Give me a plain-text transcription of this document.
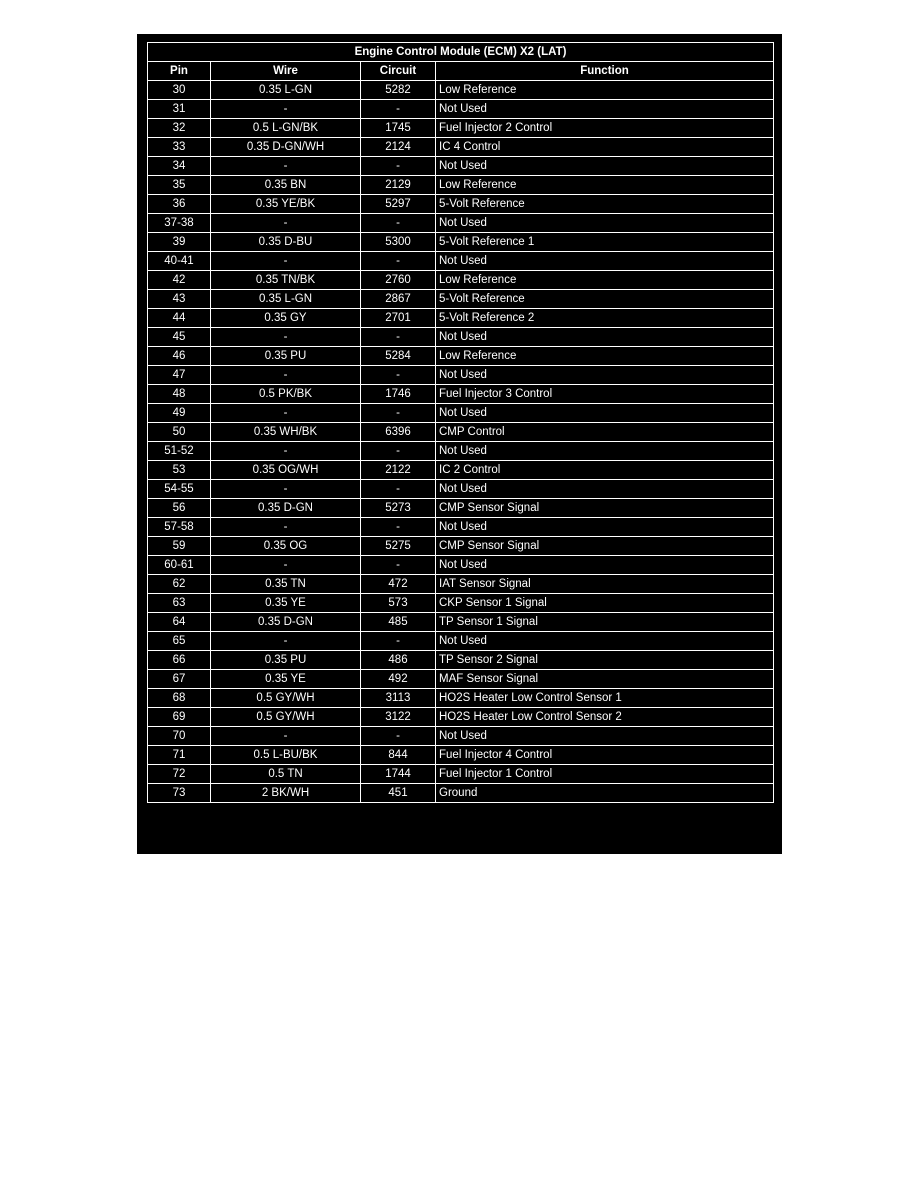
Engine Control Module (ECM) X2 (LAT)			
Pin	Wire	Circuit	Function
30	0.35 L-GN	5282	Low Reference
31	-	-	Not Used
32	0.5 L-GN/BK	1745	Fuel Injector 2 Control
33	0.35 D-GN/WH	2124	IC 4 Control
34	-	-	Not Used
35	0.35 BN	2129	Low Reference
36	0.35 YE/BK	5297	5-Volt Reference
37-38	-	-	Not Used
39	0.35 D-BU	5300	5-Volt Reference 1
40-41	-	-	Not Used
42	0.35 TN/BK	2760	Low Reference
43	0.35 L-GN	2867	5-Volt Reference
44	0.35 GY	2701	5-Volt Reference 2
45	-	-	Not Used
46	0.35 PU	5284	Low Reference
47	-	-	Not Used
48	0.5 PK/BK	1746	Fuel Injector 3 Control
49	-	-	Not Used
50	0.35 WH/BK	6396	CMP Control
51-52	-	-	Not Used
53	0.35 OG/WH	2122	IC 2 Control
54-55	-	-	Not Used
56	0.35 D-GN	5273	CMP Sensor Signal
57-58	-	-	Not Used
59	0.35 OG	5275	CMP Sensor Signal
60-61	-	-	Not Used
62	0.35 TN	472	IAT Sensor Signal
63	0.35 YE	573	CKP Sensor 1 Signal
64	0.35 D-GN	485	TP Sensor 1 Signal
65	-	-	Not Used
66	0.35 PU	486	TP Sensor 2 Signal
67	0.35 YE	492	MAF Sensor Signal
68	0.5 GY/WH	3113	HO2S Heater Low Control Sensor 1
69	0.5 GY/WH	3122	HO2S Heater Low Control Sensor 2
70	-	-	Not Used
71	0.5 L-BU/BK	844	Fuel Injector 4 Control
72	0.5 TN	1744	Fuel Injector 1 Control
73	2 BK/WH	451	Ground
